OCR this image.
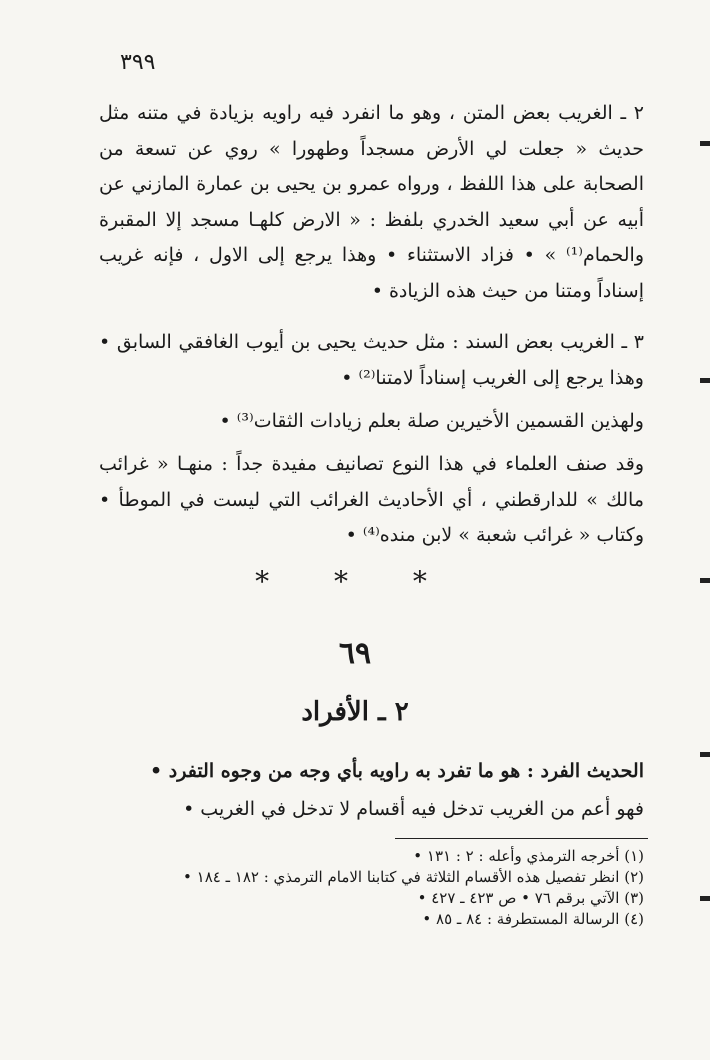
٣٩٩
٢ ـ الغريب بعض المتن ، وهو ما انفرد فيه راويه بزيادة في متنه مثل حديث « جعلت لي الأرض مسجداً وطهورا » روي عن تسعة من الصحابة على هذا اللفظ ، ورواه عمرو بن يحيى بن عمارة المازني عن أبيه عن أبي سعيد الخدري بلفظ : « الارض كلهـا مسجد إلا المقبرة والحمام⁽¹⁾ » • فزاد الاستثناء • وهذا يرجع إلى الاول ، فإنه غريب إسناداً ومتنا من حيث هذه الزيادة •
٣ ـ الغريب بعض السند : مثل حديث يحيى بن أيوب الغافقي السابق • وهذا يرجع إلى الغريب إسناداً لامتنا⁽²⁾ •
ولهذين القسمين الأخيرين صلة بعلم زيادات الثقات⁽³⁾ •
وقد صنف العلماء في هذا النوع تصانيف مفيدة جداً : منهـا « غرائب مالك » للدارقطني ، أي الأحاديث الغرائب التي ليست في الموطأ • وكتاب « غرائب شعبة » لابن منده⁽⁴⁾ •
* * *
٦٩
٢ ـ الأفراد
الحديث الفرد : هو ما تفرد به راويه بأي وجه من وجوه التفرد •
فهو أعم من الغريب تدخل فيه أقسام لا تدخل في الغريب •
(١) أخرجه الترمذي وأعله : ٢ : ١٣١ •
(٢) انظر تفصيل هذه الأقسام الثلاثة في كتابنا الامام الترمذي : ١٨٢ ـ ١٨٤ •
(٣) الآتي برقم ٧٦ • ص ٤٢٣ ـ ٤٢٧ •
(٤) الرسالة المستطرفة : ٨٤ ـ ٨٥ •
